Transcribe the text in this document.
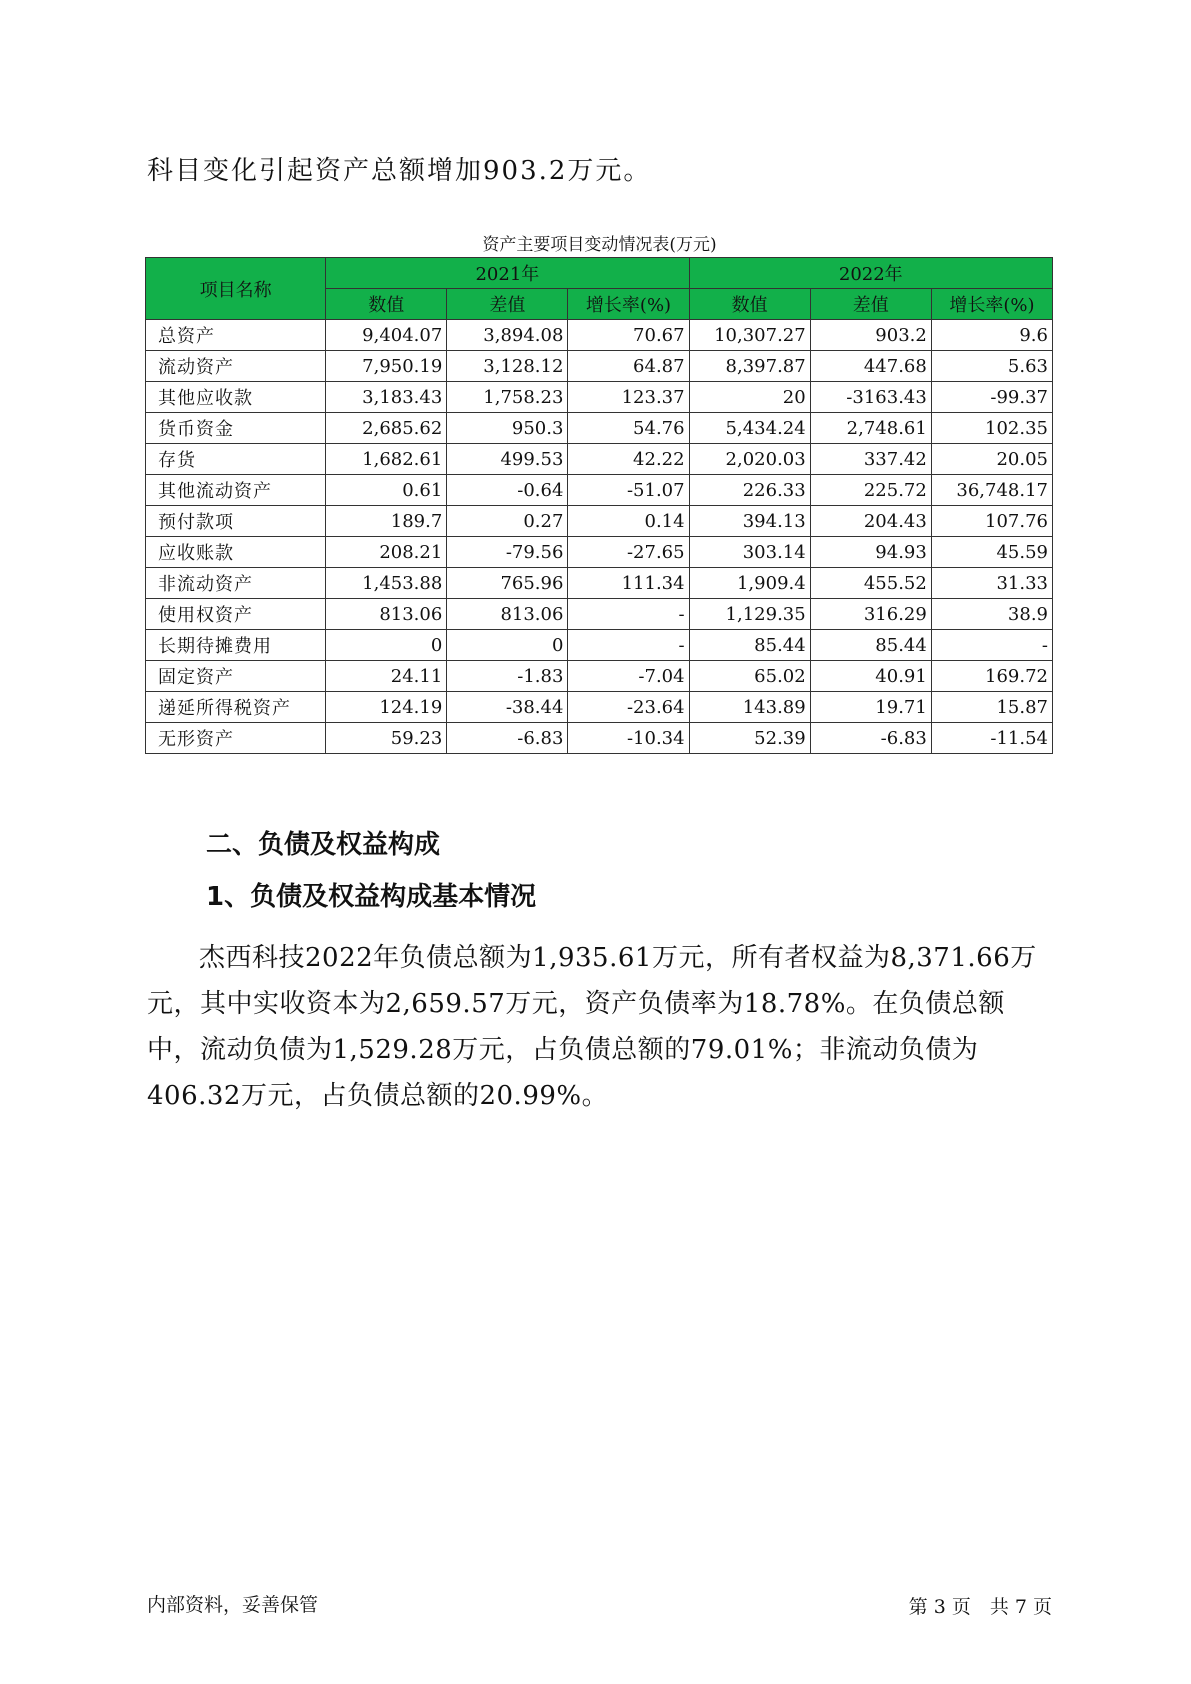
科目变化引起资产总额增加903.2万元。
资产主要项目变动情况表(万元)
项目名称	2021年			2022年		
	数值	差值	增长率(%)	数值	差值	增长率(%)
总资产	9,404.07	3,894.08	70.67	10,307.27	903.2	9.6
流动资产	7,950.19	3,128.12	64.87	8,397.87	447.68	5.63
其他应收款	3,183.43	1,758.23	123.37	20	-3163.43	-99.37
货币资金	2,685.62	950.3	54.76	5,434.24	2,748.61	102.35
存货	1,682.61	499.53	42.22	2,020.03	337.42	20.05
其他流动资产	0.61	-0.64	-51.07	226.33	225.72	36,748.17
预付款项	189.7	0.27	0.14	394.13	204.43	107.76
应收账款	208.21	-79.56	-27.65	303.14	94.93	45.59
非流动资产	1,453.88	765.96	111.34	1,909.4	455.52	31.33
使用权资产	813.06	813.06	-	1,129.35	316.29	38.9
长期待摊费用	0	0	-	85.44	85.44	-
固定资产	24.11	-1.83	-7.04	65.02	40.91	169.72
递延所得税资产	124.19	-38.44	-23.64	143.89	19.71	15.87
无形资产	59.23	-6.83	-10.34	52.39	-6.83	-11.54
二、负债及权益构成
1、负债及权益构成基本情况

杰西科技2022年负债总额为1,935.61万元，所有者权益为8,371.66万元，其中实收资本为2,659.57万元，资产负债率为18.78%。在负债总额中，流动负债为1,529.28万元，占负债总额的79.01%；非流动负债为406.32万元，占负债总额的20.99%。

内部资料，妥善保管	第 3 页　共 7 页
